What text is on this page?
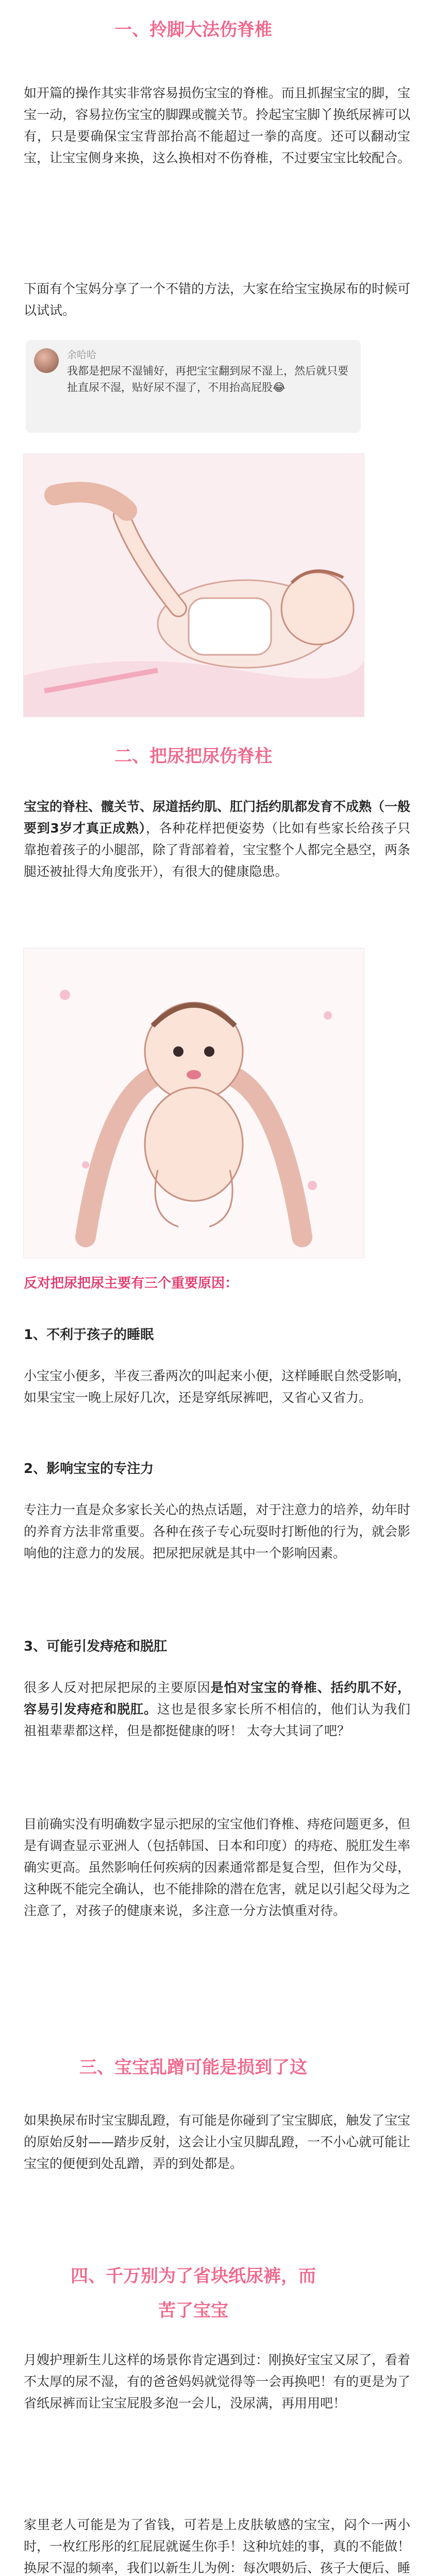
一、拎脚大法伤脊椎

如开篇的操作其实非常容易损伤宝宝的脊椎。而且抓握宝宝的脚，宝宝一动，容易拉伤宝宝的脚踝或髋关节。拎起宝宝脚丫换纸尿裤可以有，只是要确保宝宝背部抬高不能超过一拳的高度。还可以翻动宝宝，让宝宝侧身来换，这么换相对不伤脊椎，不过要宝宝比较配合。

下面有个宝妈分享了一个不错的方法，大家在给宝宝换尿布的时候可以试试。

余哈哈
我都是把尿不湿铺好，再把宝宝翻到尿不湿上，然后就只要扯直尿不湿，贴好尿不湿了，不用抬高屁股😂
二、把尿把尿伤脊柱

宝宝的脊柱、髋关节、尿道括约肌、肛门括约肌都发育不成熟（一般要到3岁才真正成熟），各种花样把便姿势（比如有些家长给孩子只靠抱着孩子的小腿部，除了背部着着，宝宝整个人都完全悬空，两条腿还被扯得大角度张开），有很大的健康隐患。

反对把尿把尿主要有三个重要原因：
1、不利于孩子的睡眠

小宝宝小便多，半夜三番两次的叫起来小便，这样睡眠自然受影响，如果宝宝一晚上尿好几次，还是穿纸尿裤吧，又省心又省力。

2、影响宝宝的专注力

专注力一直是众多家长关心的热点话题，对于注意力的培养，幼年时的养育方法非常重要。各种在孩子专心玩耍时打断他的行为，就会影响他的注意力的发展。把尿把尿就是其中一个影响因素。

3、可能引发痔疮和脱肛

很多人反对把尿把尿的主要原因是怕对宝宝的脊椎、括约肌不好，容易引发痔疮和脱肛。这也是很多家长所不相信的，他们认为我们祖祖辈辈都这样，但是都挺健康的呀！ 太夸大其词了吧？

目前确实没有明确数字显示把尿的宝宝他们脊椎、痔疮问题更多，但是有调查显示亚洲人（包括韩国、日本和印度）的痔疮、脱肛发生率确实更高。虽然影响任何疾病的因素通常都是复合型，但作为父母，这种既不能完全确认，也不能排除的潜在危害，就足以引起父母为之注意了，对孩子的健康来说，多注意一分方法慎重对待。

三、宝宝乱蹭可能是损到了这

如果换尿布时宝宝脚乱蹬，有可能是你碰到了宝宝脚底，触发了宝宝的原始反射——踏步反射，这会让小宝贝脚乱蹬，一不小心就可能让宝宝的便便到处乱蹭，弄的到处都是。

四、千万别为了省块纸尿裤，而
苦了宝宝

月嫂护理新生儿这样的场景你肯定遇到过：刚换好宝宝又尿了，看着不太厚的尿不湿，有的爸爸妈妈就觉得等一会再换吧！有的更是为了省纸尿裤而让宝宝屁股多泡一会儿，没尿满，再用用吧！

家里老人可能是为了省钱，可若是上皮肤敏感的宝宝，闷个一两小时，一枚红彤彤的红屁屁就诞生你手！这种坑娃的事，真的不能做！换尿不湿的频率，我们以新生儿为例：每次喂奶后、孩子大便后、睡
